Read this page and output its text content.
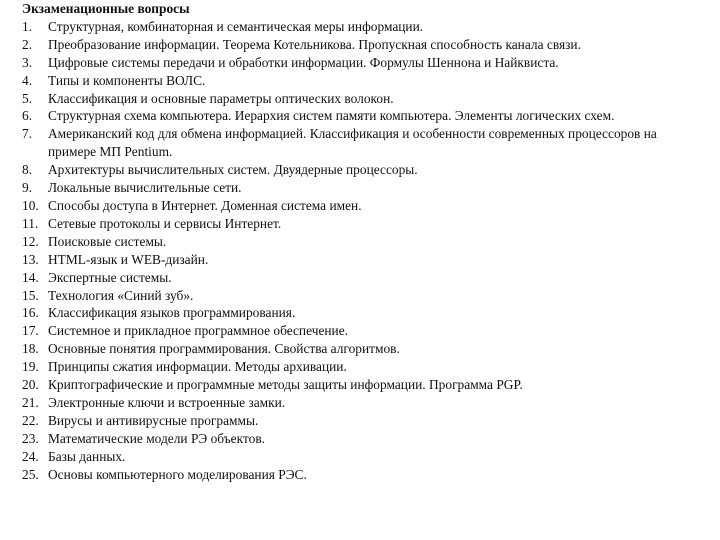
Экзаменационные вопросы
1.	Структурная, комбинаторная и семантическая меры информации.
2.	Преобразование информации. Теорема Котельникова. Пропускная способность канала связи.
3.	Цифровые системы передачи и обработки информации. Формулы Шеннона и Найквиста.
4.	Типы и компоненты ВОЛС.
5.	Классификация и основные параметры оптических волокон.
6.	Структурная схема компьютера. Иерархия систем памяти компьютера. Элементы логических схем.
7.	Американский код для обмена информацией. Классификация и особенности современных процессоров на примере МП Pentium.
8.	Архитектуры вычислительных систем. Двуядерные процессоры.
9.	Локальные вычислительные сети.
10. Способы доступа в Интернет. Доменная система имен.
11. Сетевые протоколы и сервисы Интернет.
12. Поисковые системы.
13. HTML-язык и WEB-дизайн.
14. Экспертные системы.
15. Технология «Синий зуб».
16. Классификация языков программирования.
17. Системное и прикладное программное обеспечение.
18. Основные понятия программирования. Свойства алгоритмов.
19. Принципы сжатия информации. Методы архивации.
20. Криптографические и программные методы защиты информации. Программа PGP.
21. Электронные ключи и встроенные замки.
22. Вирусы и антивирусные программы.
23. Математические модели РЭ объектов.
24. Базы данных.
25. Основы компьютерного моделирования РЭС.
